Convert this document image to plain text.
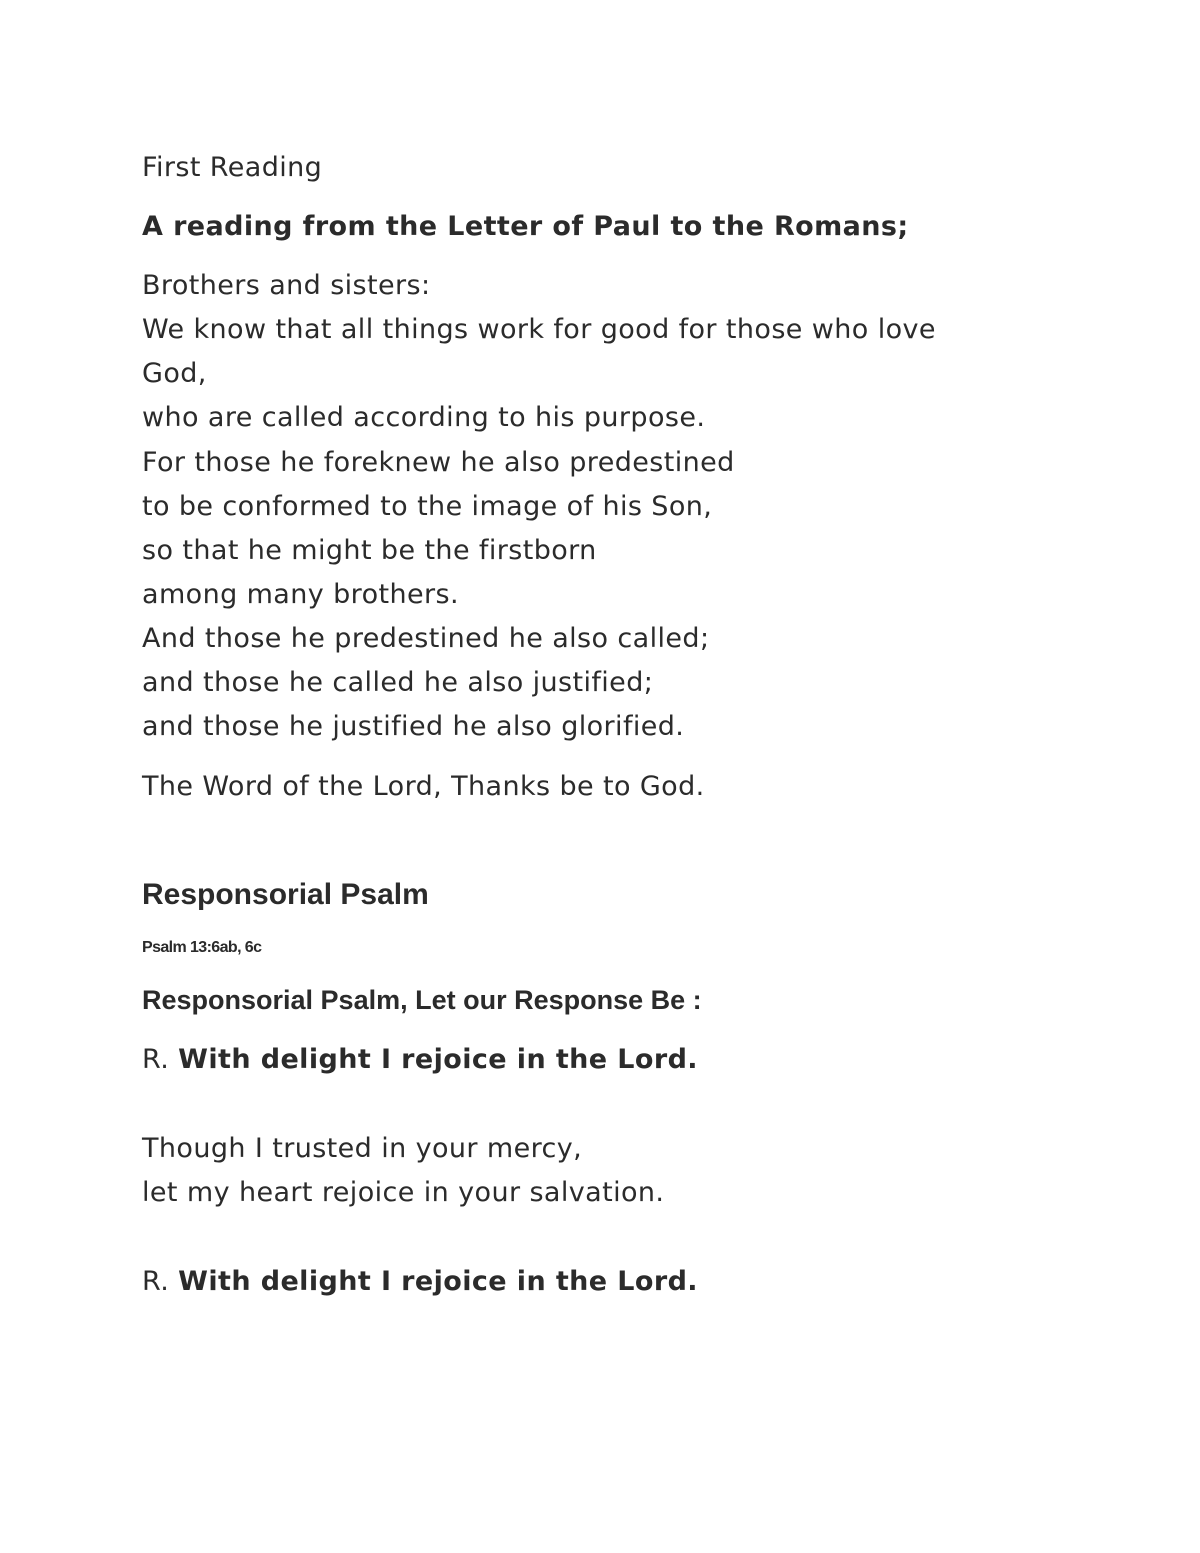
First Reading
A reading from the Letter of Paul to the Romans;
Brothers and sisters:
We know that all things work for good for those who love
God,
who are called according to his purpose.
For those he foreknew he also predestined
to be conformed to the image of his Son,
so that he might be the firstborn
among many brothers.
And those he predestined he also called;
and those he called he also justified;
and those he justified he also glorified.
The Word of the Lord, Thanks be to God.
Responsorial Psalm
Psalm 13:6ab, 6c
Responsorial Psalm, Let our Response Be :
R. With delight I rejoice in the Lord.
Though I trusted in your mercy,
let my heart rejoice in your salvation.
R. With delight I rejoice in the Lord.
